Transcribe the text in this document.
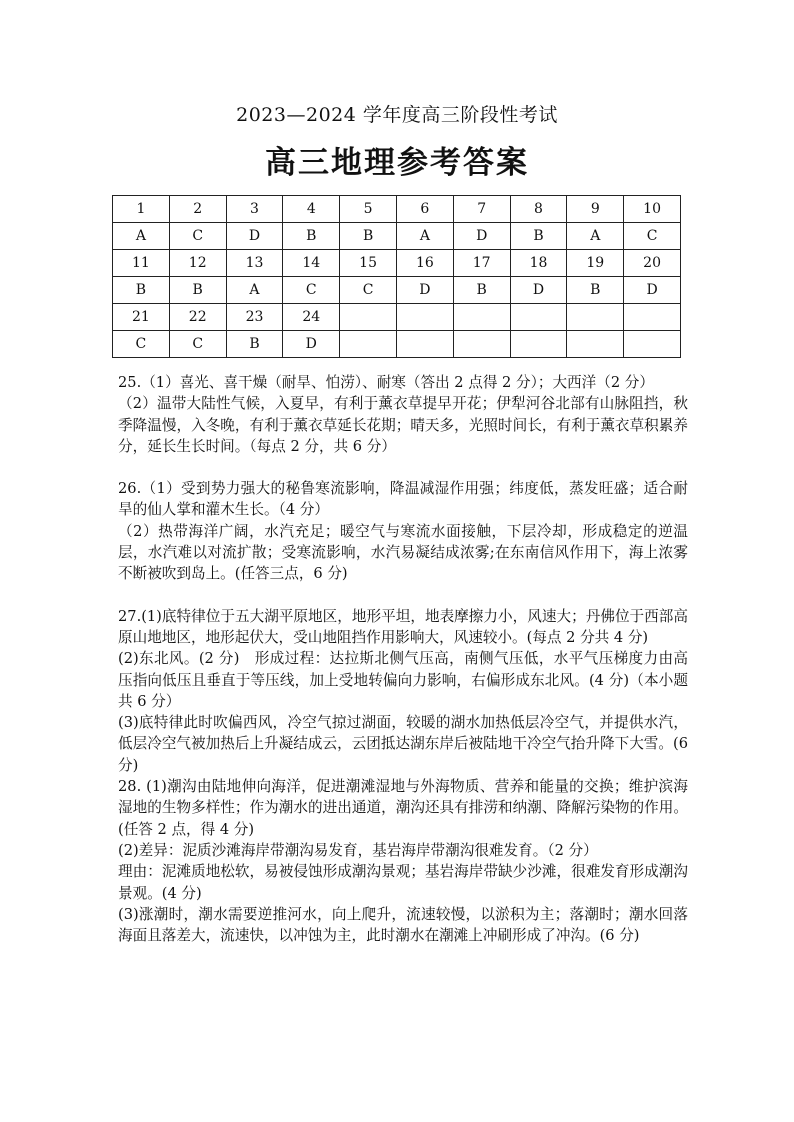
2023—2024 学年度高三阶段性考试
高三地理参考答案
1	2	3	4	5	6	7	8	9	10
A	C	D	B	B	A	D	B	A	C
11	12	13	14	15	16	17	18	19	20
B	B	A	C	C	D	B	D	B	D
21	22	23	24						
C	C	B	D						

25.（1）喜光、喜干燥（耐旱、怕涝）、耐寒（答出 2 点得 2 分）；大西洋（2 分）

（2）温带大陆性气候，入夏早，有利于薰衣草提早开花；伊犁河谷北部有山脉阻挡，秋季降温慢，入冬晚，有利于薰衣草延长花期；晴天多，光照时间长，有利于薰衣草积累养分，延长生长时间。（每点 2 分，共 6 分）

26.（1）受到势力强大的秘鲁寒流影响，降温减湿作用强；纬度低，蒸发旺盛；适合耐旱的仙人掌和灌木生长。（4 分）

（2）热带海洋广阔，水汽充足；暖空气与寒流水面接触，下层冷却，形成稳定的逆温层，水汽难以对流扩散；受寒流影响，水汽易凝结成浓雾;在东南信风作用下，海上浓雾不断被吹到岛上。(任答三点，6 分)

27.(1)底特律位于五大湖平原地区，地形平坦，地表摩擦力小，风速大；丹佛位于西部高原山地地区，地形起伏大，受山地阻挡作用影响大，风速较小。(每点 2 分共 4 分)

(2)东北风。(2 分)　形成过程：达拉斯北侧气压高，南侧气压低，水平气压梯度力由高压指向低压且垂直于等压线，加上受地转偏向力影响，右偏形成东北风。(4 分)（本小题共 6 分）

(3)底特律此时吹偏西风，冷空气掠过湖面，较暖的湖水加热低层冷空气，并提供水汽，低层冷空气被加热后上升凝结成云，云团抵达湖东岸后被陆地干冷空气抬升降下大雪。(6 分)

28. (1)潮沟由陆地伸向海洋，促进潮滩湿地与外海物质、营养和能量的交换；维护滨海湿地的生物多样性；作为潮水的进出通道，潮沟还具有排涝和纳潮、降解污染物的作用。(任答 2 点，得 4 分)

(2)差异：泥质沙滩海岸带潮沟易发育，基岩海岸带潮沟很难发育。（2 分）

理由：泥滩质地松软，易被侵蚀形成潮沟景观；基岩海岸带缺少沙滩，很难发育形成潮沟景观。(4 分)

(3)涨潮时，潮水需要逆推河水，向上爬升，流速较慢，以淤积为主；落潮时；潮水回落海面且落差大，流速快，以冲蚀为主，此时潮水在潮滩上冲刷形成了冲沟。(6 分)
